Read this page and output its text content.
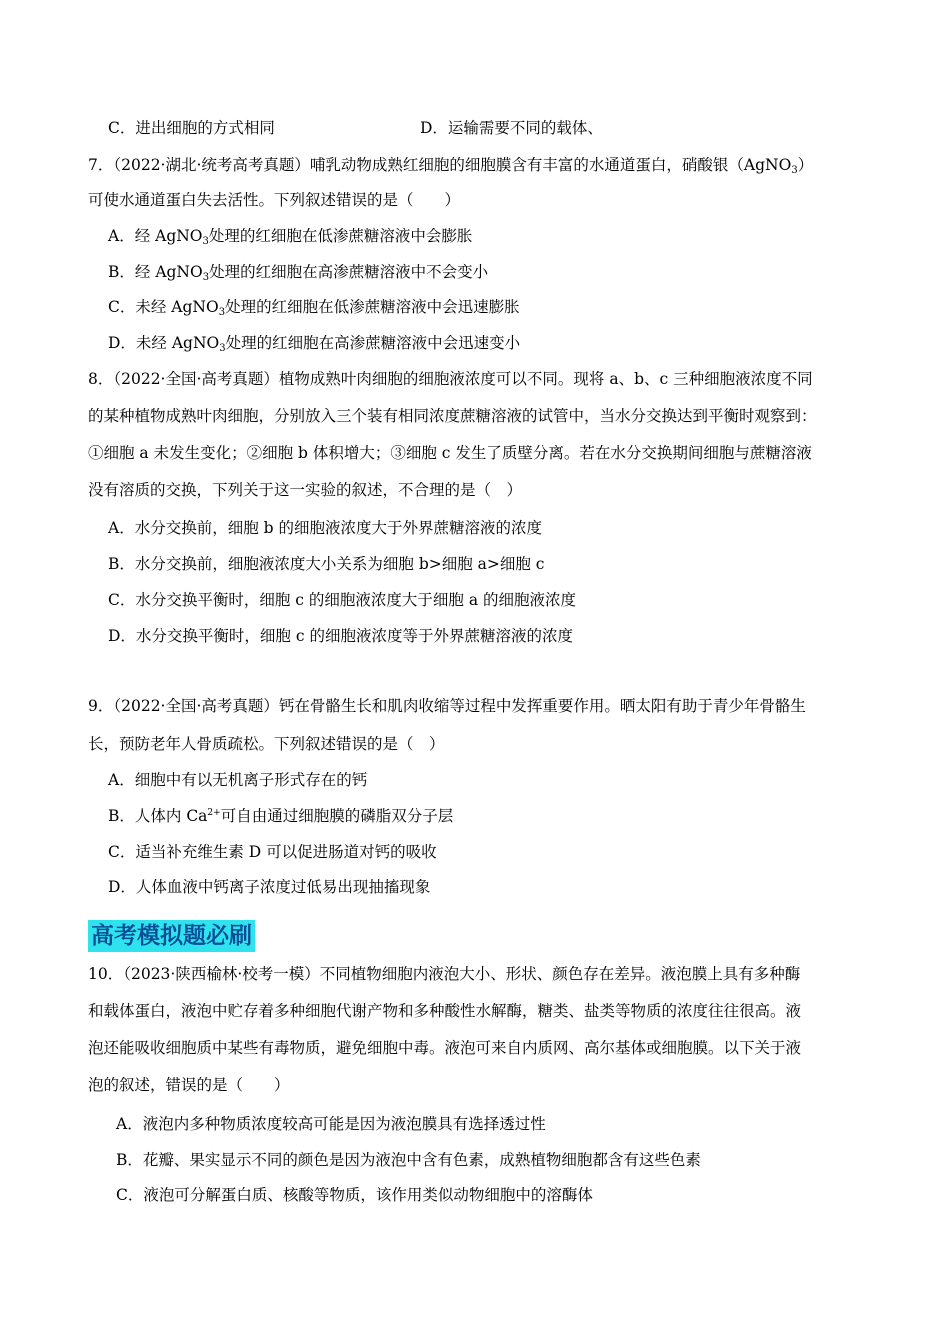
C．进出细胞的方式相同	D．运输需要不同的载体、
7．（2022·湖北·统考高考真题）哺乳动物成熟红细胞的细胞膜含有丰富的水通道蛋白，硝酸银（AgNO$_3$）
可使水通道蛋白失去活性。下列叙述错误的是（　　）
A．经 AgNO$_3$处理的红细胞在低渗蔗糖溶液中会膨胀
B．经 AgNO$_3$处理的红细胞在高渗蔗糖溶液中不会变小
C．未经 AgNO$_3$处理的红细胞在低渗蔗糖溶液中会迅速膨胀
D．未经 AgNO$_3$处理的红细胞在高渗蔗糖溶液中会迅速变小
8．（2022·全国·高考真题）植物成熟叶肉细胞的细胞液浓度可以不同。现将 a、b、c 三种细胞液浓度不同
的某种植物成熟叶肉细胞，分别放入三个装有相同浓度蔗糖溶液的试管中，当水分交换达到平衡时观察到：
①细胞 a 未发生变化；②细胞 b 体积增大；③细胞 c 发生了质壁分离。若在水分交换期间细胞与蔗糖溶液
没有溶质的交换，下列关于这一实验的叙述，不合理的是（　）
A．水分交换前，细胞 b 的细胞液浓度大于外界蔗糖溶液的浓度
B．水分交换前，细胞液浓度大小关系为细胞 b>细胞 a>细胞 c
C．水分交换平衡时，细胞 c 的细胞液浓度大于细胞 a 的细胞液浓度
D．水分交换平衡时，细胞 c 的细胞液浓度等于外界蔗糖溶液的浓度
9．（2022·全国·高考真题）钙在骨骼生长和肌肉收缩等过程中发挥重要作用。晒太阳有助于青少年骨骼生
长，预防老年人骨质疏松。下列叙述错误的是（　）
A．细胞中有以无机离子形式存在的钙
B．人体内 $Ca^{2+}$可自由通过细胞膜的磷脂双分子层
C．适当补充维生素 D 可以促进肠道对钙的吸收
D．人体血液中钙离子浓度过低易出现抽搐现象
高考模拟题必刷
10．（2023·陕西榆林·校考一模）不同植物细胞内液泡大小、形状、颜色存在差异。液泡膜上具有多种酶
和载体蛋白，液泡中贮存着多种细胞代谢产物和多种酸性水解酶，糖类、盐类等物质的浓度往往很高。液
泡还能吸收细胞质中某些有毒物质，避免细胞中毒。液泡可来自内质网、高尔基体或细胞膜。以下关于液
泡的叙述，错误的是（　　）
A．液泡内多种物质浓度较高可能是因为液泡膜具有选择透过性
B．花瓣、果实显示不同的颜色是因为液泡中含有色素，成熟植物细胞都含有这些色素
C．液泡可分解蛋白质、核酸等物质，该作用类似动物细胞中的溶酶体
